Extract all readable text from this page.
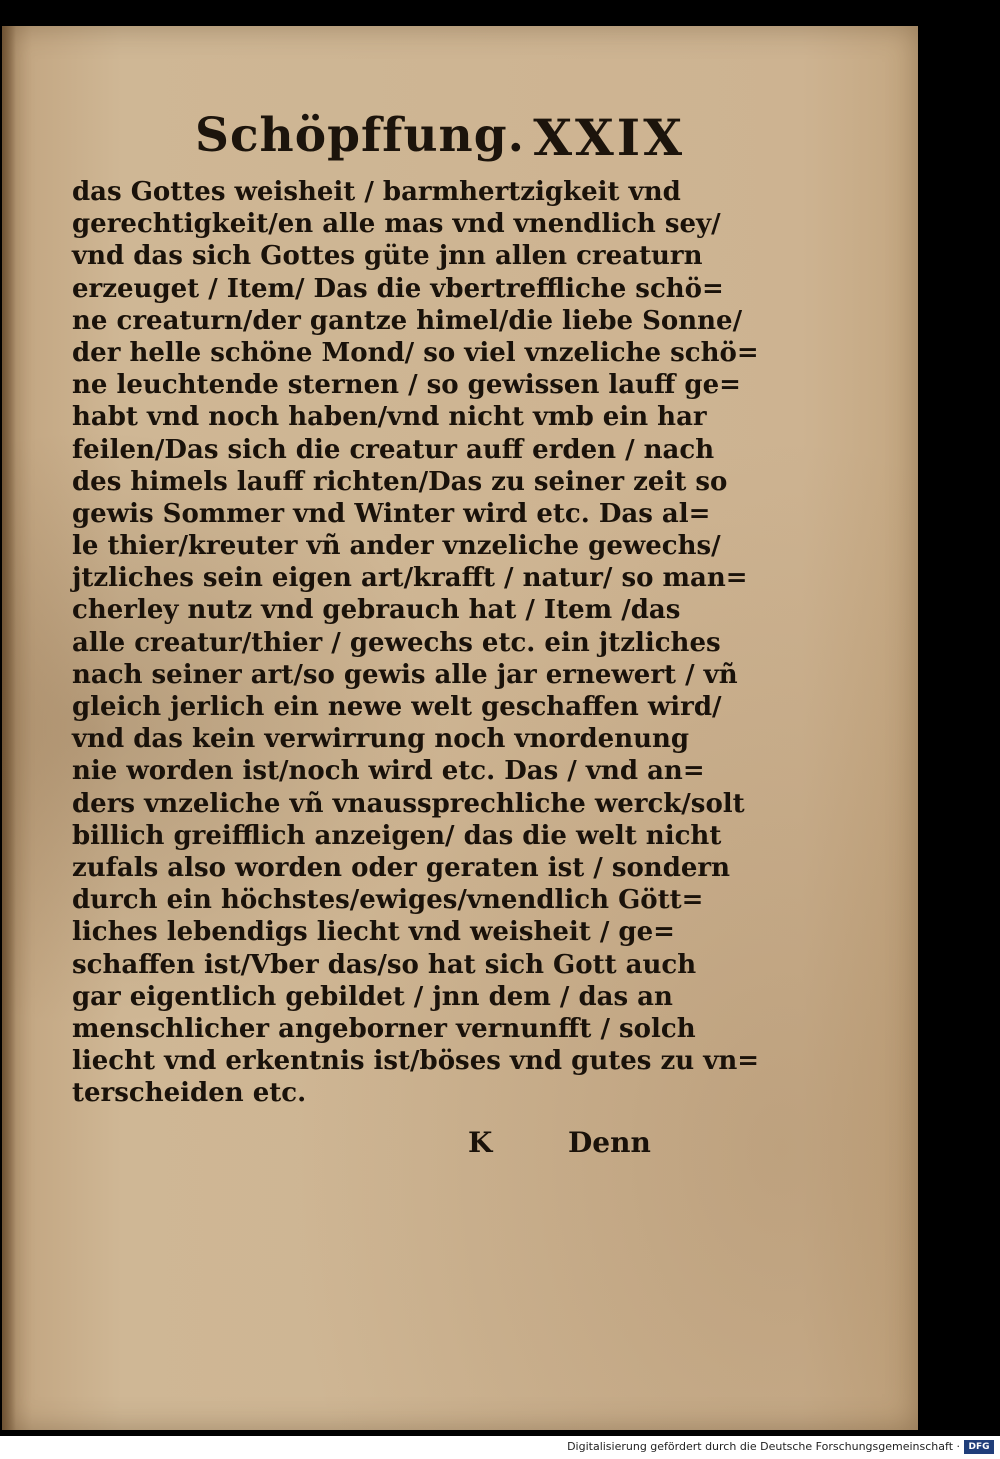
Schöpffung. XXIX
das Gottes weisheit / barmhertzigkeit vnd
gerechtigkeit/en alle mas vnd vnendlich sey/
vnd das sich Gottes güte jnn allen creaturn
erzeuget / Item/ Das die vbertreffliche schö=
ne creaturn/der gantze himel/die liebe Sonne/
der helle schöne Mond/ so viel vnzeliche schö=
ne leuchtende sternen / so gewissen lauff ge=
habt vnd noch haben/vnd nicht vmb ein har
feilen/Das sich die creatur auff erden / nach
des himels lauff richten/Das zu seiner zeit so
gewis Sommer vnd Winter wird etc. Das al=
le thier/kreuter vñ ander vnzeliche gewechs/
jtzliches sein eigen art/krafft / natur/ so man=
cherley nutz vnd gebrauch hat / Item /das
alle creatur/thier / gewechs etc. ein jtzliches
nach seiner art/so gewis alle jar ernewert / vñ
gleich jerlich ein newe welt geschaffen wird/
vnd das kein verwirrung noch vnordenung
nie worden ist/noch wird etc. Das / vnd an=
ders vnzeliche vñ vnaussprechliche werck/solt
billich greifflich anzeigen/ das die welt nicht
zufals also worden oder geraten ist / sondern
durch ein höchstes/ewiges/vnendlich Gött=
liches lebendigs liecht vnd weisheit / ge=
schaffen ist/Vber das/so hat sich Gott auch
gar eigentlich gebildet / jnn dem / das an
menschlicher angeborner vernunfft / solch
liecht vnd erkentnis ist/böses vnd gutes zu vn=
terscheiden etc.
K	Denn
Digitalisierung gefördert durch die Deutsche Forschungsgemeinschaft · DFG
